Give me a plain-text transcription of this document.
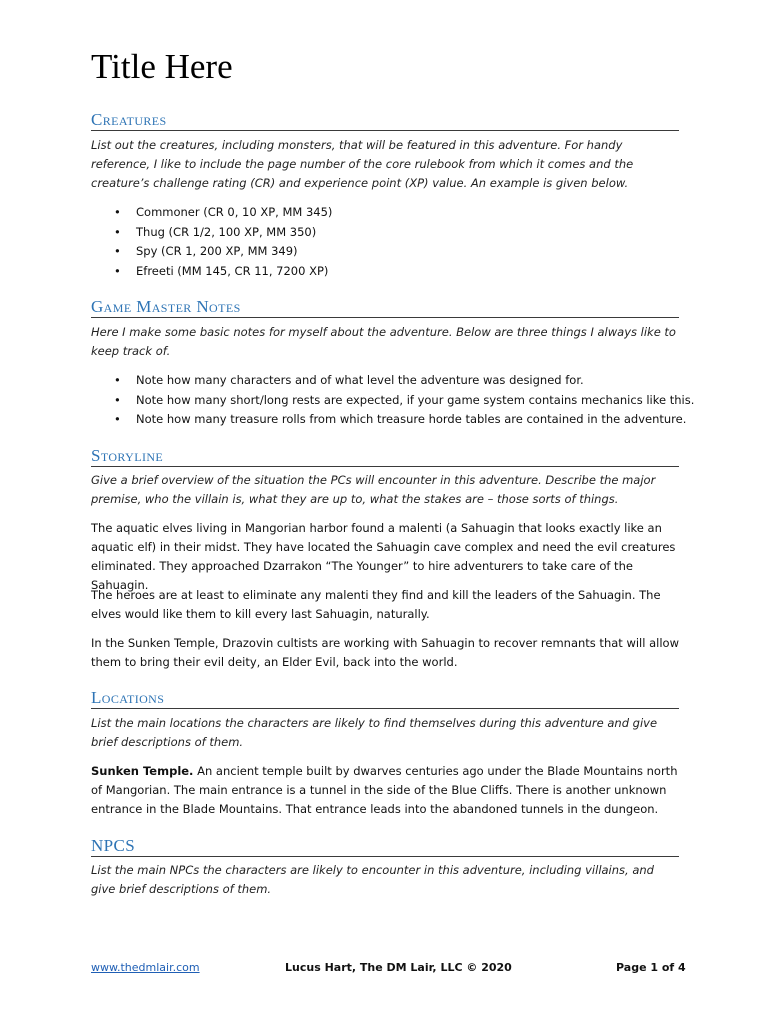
Title Here
Creatures
List out the creatures, including monsters, that will be featured in this adventure. For handy reference, I like to include the page number of the core rulebook from which it comes and the creature’s challenge rating (CR) and experience point (XP) value. An example is given below.
• Commoner (CR 0, 10 XP, MM 345)
• Thug (CR 1/2, 100 XP, MM 350)
• Spy (CR 1, 200 XP, MM 349)
• Efreeti (MM 145, CR 11, 7200 XP)
Game Master Notes
Here I make some basic notes for myself about the adventure. Below are three things I always like to keep track of.
• Note how many characters and of what level the adventure was designed for.
• Note how many short/long rests are expected, if your game system contains mechanics like this.
• Note how many treasure rolls from which treasure horde tables are contained in the adventure.
Storyline
Give a brief overview of the situation the PCs will encounter in this adventure. Describe the major premise, who the villain is, what they are up to, what the stakes are – those sorts of things.
The aquatic elves living in Mangorian harbor found a malenti (a Sahuagin that looks exactly like an aquatic elf) in their midst. They have located the Sahuagin cave complex and need the evil creatures eliminated. They approached Dzarrakon “The Younger” to hire adventurers to take care of the Sahuagin.
The heroes are at least to eliminate any malenti they find and kill the leaders of the Sahuagin. The elves would like them to kill every last Sahuagin, naturally.
In the Sunken Temple, Drazovin cultists are working with Sahuagin to recover remnants that will allow them to bring their evil deity, an Elder Evil, back into the world.
Locations
List the main locations the characters are likely to find themselves during this adventure and give brief descriptions of them.
Sunken Temple. An ancient temple built by dwarves centuries ago under the Blade Mountains north of Mangorian. The main entrance is a tunnel in the side of the Blue Cliffs. There is another unknown entrance in the Blade Mountains. That entrance leads into the abandoned tunnels in the dungeon.
NPCS
List the main NPCs the characters are likely to encounter in this adventure, including villains, and give brief descriptions of them.
www.thedmlair.com	Lucus Hart, The DM Lair, LLC © 2020	Page 1 of 4
